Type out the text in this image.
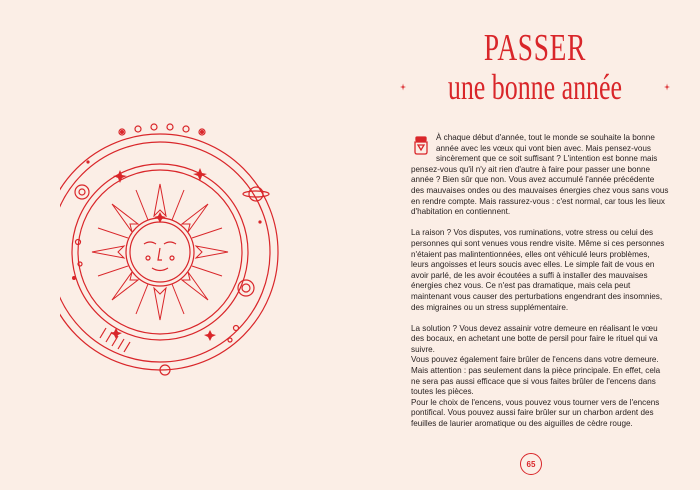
PASSER
une bonne année

À chaque début d'année, tout le monde se souhaite la bonne année avec les vœux qui vont bien avec. Mais pensez-vous sincèrement que ce soit suffisant ? L'intention est bonne mais pensez-vous qu'il n'y ait rien d'autre à faire pour passer une bonne année ? Bien sûr que non. Vous avez accumulé l'année précédente des mauvaises ondes ou des mauvaises énergies chez vous sans vous en rendre compte. Mais rassurez-vous : c'est normal, car tous les lieux d'habitation en contiennent.

La raison ? Vos disputes, vos ruminations, votre stress ou celui des personnes qui sont venues vous rendre visite. Même si ces personnes n'étaient pas malintentionnées, elles ont véhiculé leurs problèmes, leurs angoisses et leurs soucis avec elles. Le simple fait de vous en avoir parlé, de les avoir écoutées a suffi à installer des mauvaises énergies chez vous. Ce n'est pas dramatique, mais cela peut maintenant vous causer des perturbations engendrant des insomnies, des migraines ou un stress supplémentaire.

La solution ? Vous devez assainir votre demeure en réalisant le vœu des bocaux, en achetant une botte de persil pour faire le rituel qui va suivre.

Vous pouvez également faire brûler de l'encens dans votre demeure. Mais attention : pas seulement dans la pièce principale. En effet, cela ne sera pas aussi efficace que si vous faites brûler de l'encens dans toutes les pièces.

Pour le choix de l'encens, vous pouvez vous tourner vers de l'encens pontifical. Vous pouvez aussi faire brûler sur un charbon ardent des feuilles de laurier aromatique ou des aiguilles de cèdre rouge.

65
